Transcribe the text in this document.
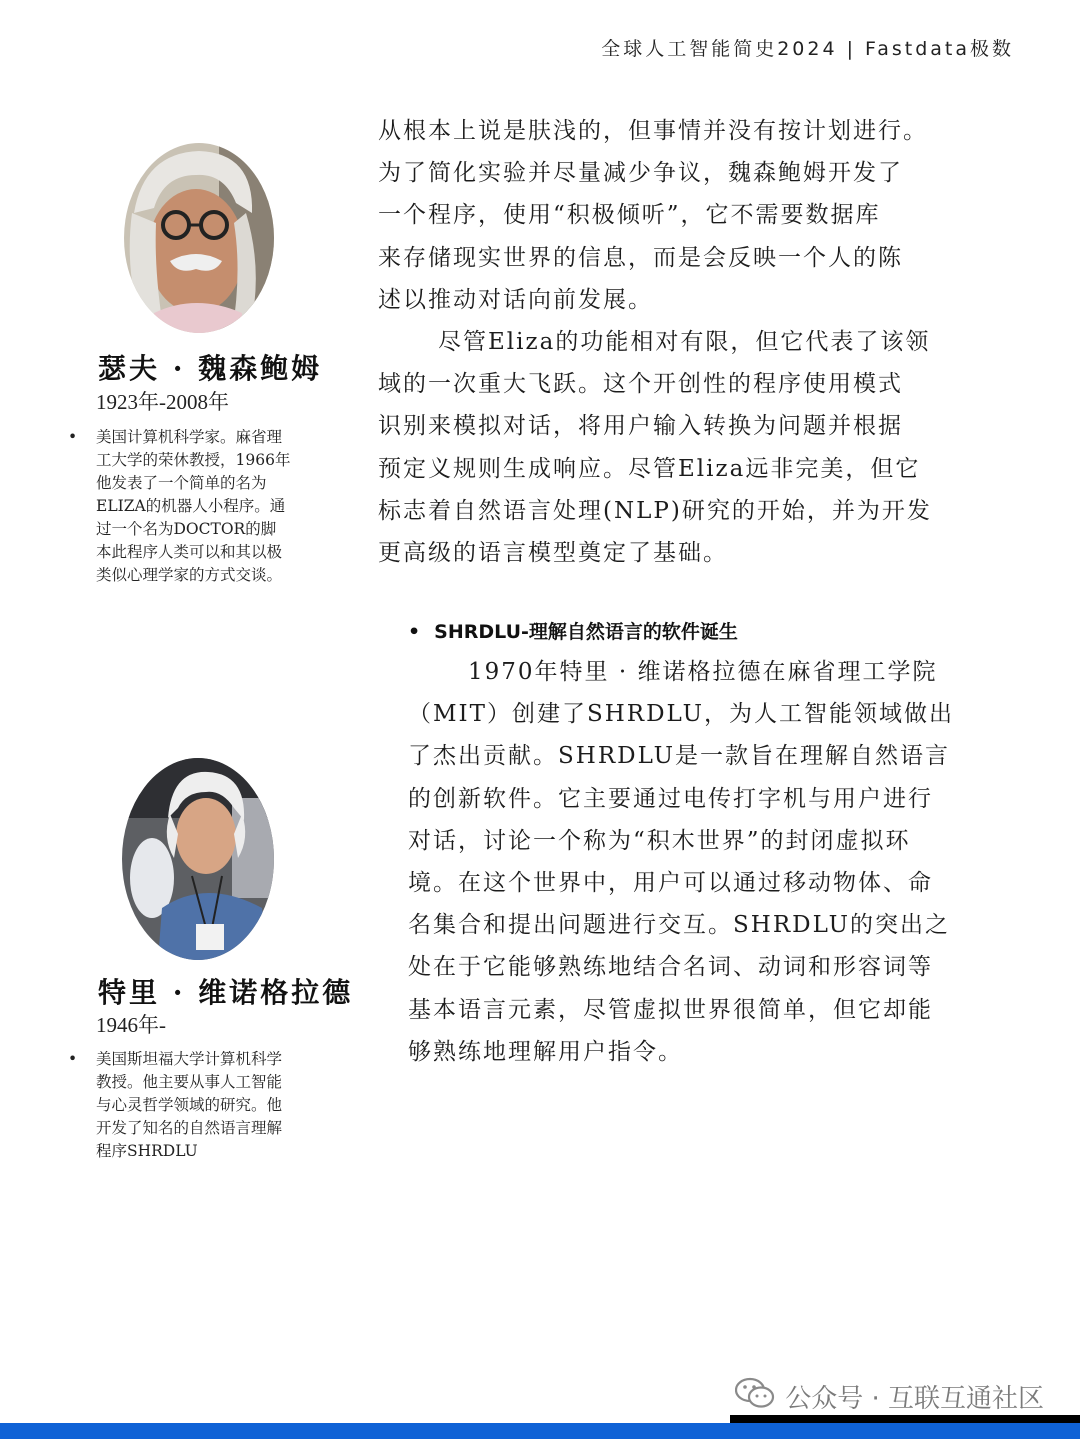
全球人工智能简史2024 | Fastdata极数
瑟夫 · 魏森鲍姆
1923年-2008年
• 美国计算机科学家。麻省理
工大学的荣休教授，1966年
他发表了一个简单的名为
ELIZA的机器人小程序。通
过一个名为DOCTOR的脚
本此程序人类可以和其以极
类似心理学家的方式交谈。

特里 · 维诺格拉德
1946年-
• 美国斯坦福大学计算机科学
教授。他主要从事人工智能
与心灵哲学领域的研究。他
开发了知名的自然语言理解
程序SHRDLU

从根本上说是肤浅的，但事情并没有按计划进行。
为了简化实验并尽量减少争议，魏森鲍姆开发了
一个程序，使用“积极倾听”，它不需要数据库
来存储现实世界的信息，而是会反映一个人的陈
述以推动对话向前发展。
尽管Eliza的功能相对有限，但它代表了该领
域的一次重大飞跃。这个开创性的程序使用模式
识别来模拟对话，将用户输入转换为问题并根据
预定义规则生成响应。尽管Eliza远非完美，但它
标志着自然语言处理(NLP)研究的开始，并为开发
更高级的语言模型奠定了基础。
• SHRDLU-理解自然语言的软件诞生
1970年特里 · 维诺格拉德在麻省理工学院
（MIT）创建了SHRDLU，为人工智能领域做出
了杰出贡献。SHRDLU是一款旨在理解自然语言
的创新软件。它主要通过电传打字机与用户进行
对话，讨论一个称为“积木世界”的封闭虚拟环
境。在这个世界中，用户可以通过移动物体、命
名集合和提出问题进行交互。SHRDLU的突出之
处在于它能够熟练地结合名词、动词和形容词等
基本语言元素，尽管虚拟世界很简单，但它却能
够熟练地理解用户指令。
公众号 · 互联互通社区
